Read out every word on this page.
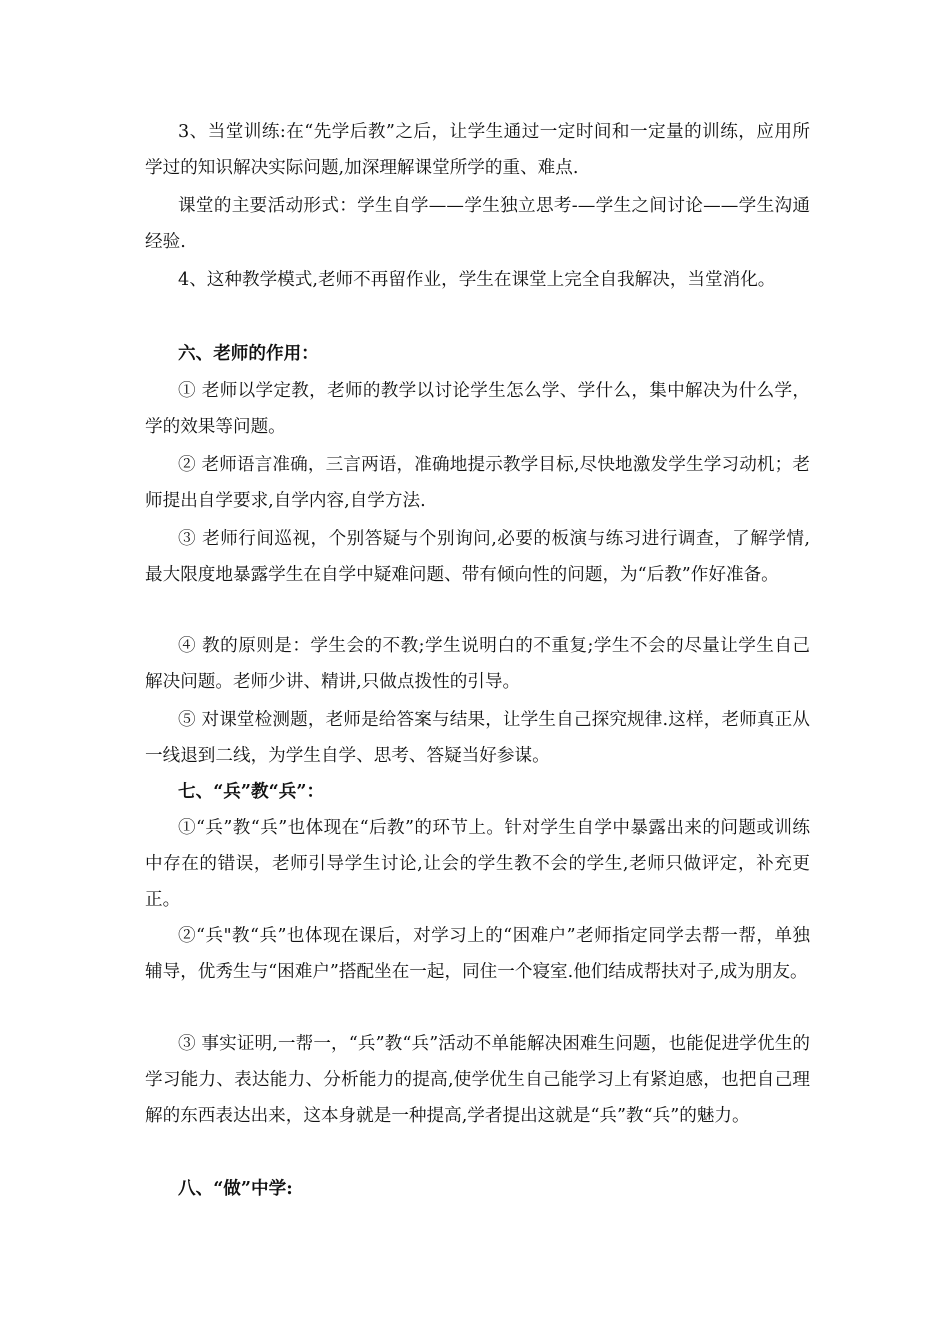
3、当堂训练:在“先学后教”之后，让学生通过一定时间和一定量的训练，应用所学过的知识解决实际问题,加深理解课堂所学的重、难点.

课堂的主要活动形式：学生自学——学生独立思考-—学生之间讨论——学生沟通经验.

4、这种教学模式,老师不再留作业，学生在课堂上完全自我解决，当堂消化。

六、老师的作用：

① 老师以学定教，老师的教学以讨论学生怎么学、学什么，集中解决为什么学，学的效果等问题。

② 老师语言准确，三言两语，准确地提示教学目标,尽快地激发学生学习动机；老师提出自学要求,自学内容,自学方法.

③ 老师行间巡视，个别答疑与个别询问,必要的板演与练习进行调查，了解学情,最大限度地暴露学生在自学中疑难问题、带有倾向性的问题，为“后教”作好准备。

④ 教的原则是：学生会的不教;学生说明白的不重复;学生不会的尽量让学生自己解决问题。老师少讲、精讲,只做点拨性的引导。

⑤ 对课堂检测题，老师是给答案与结果，让学生自己探究规律.这样，老师真正从一线退到二线，为学生自学、思考、答疑当好参谋。

七、“兵”教“兵”：

①“兵”教“兵”也体现在“后教”的环节上。针对学生自学中暴露出来的问题或训练中存在的错误，老师引导学生讨论,让会的学生教不会的学生,老师只做评定，补充更正。

②“兵"教“兵”也体现在课后，对学习上的“困难户”老师指定同学去帮一帮，单独辅导，优秀生与“困难户”搭配坐在一起，同住一个寝室.他们结成帮扶对子,成为朋友。

③ 事实证明,一帮一，“兵”教“兵”活动不单能解决困难生问题，也能促进学优生的学习能力、表达能力、分析能力的提高,使学优生自己能学习上有紧迫感，也把自己理解的东西表达出来，这本身就是一种提高,学者提出这就是“兵”教“兵”的魅力。

八、“做”中学:
